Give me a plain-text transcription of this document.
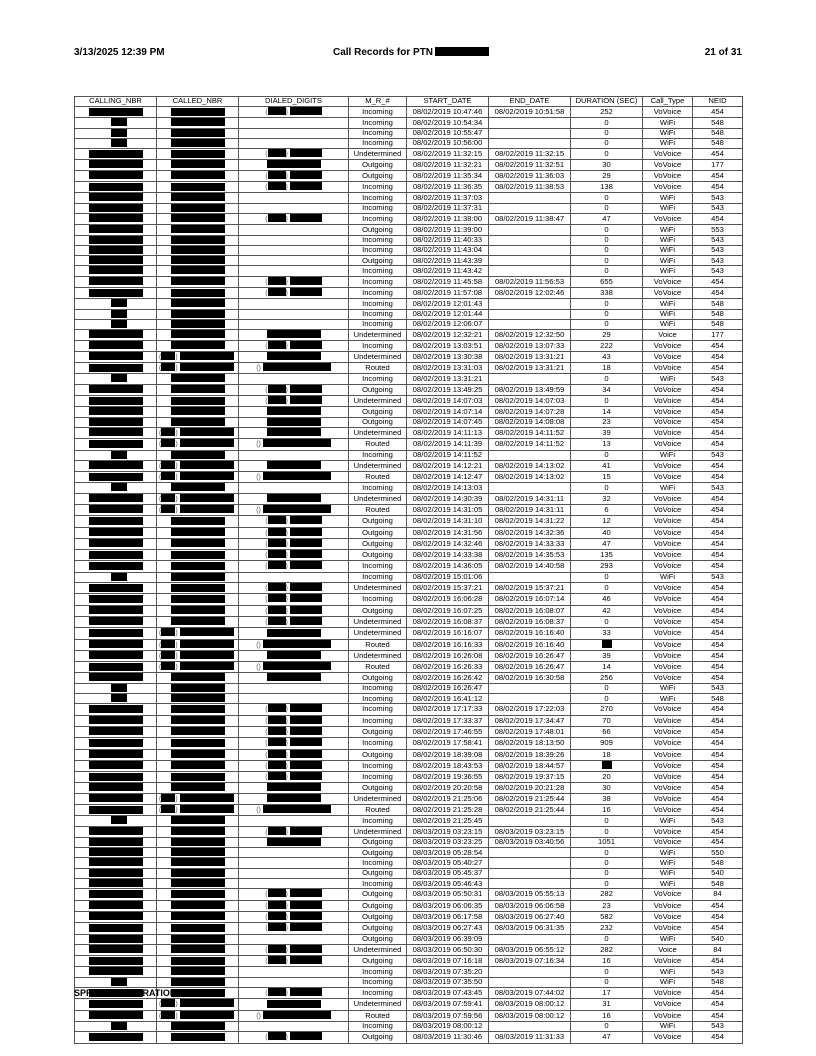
3/13/2025 12:39 PM	Call Records for PTN	21 of 31
CALLING_NBR	CALLED_NBR	DIALED_DIGITS	M_R_#	START_DATE	END_DATE	DURATION (SEC)	Call_Type	NEID
		( )	Incoming	08/02/2019 10:47:46	08/02/2019 10:51:58	252	VoVoice	454
			Incoming	08/02/2019 10:54:34		0	WiFi	548
			Incoming	08/02/2019 10:55:47		0	WiFi	548
			Incoming	08/02/2019 10:56:00		0	WiFi	548
		( )	Undetermined	08/02/2019 11:32:15	08/02/2019 11:32:15	0	VoVoice	454
			Outgoing	08/02/2019 11:32:21	08/02/2019 11:32:51	30	VoVoice	177
		( )	Outgoing	08/02/2019 11:35:34	08/02/2019 11:36:03	29	VoVoice	454
		( )	Incoming	08/02/2019 11:36:35	08/02/2019 11:38:53	138	VoVoice	454
			Incoming	08/02/2019 11:37:03		0	WiFi	543
			Incoming	08/02/2019 11:37:31		0	WiFi	543
		( )	Incoming	08/02/2019 11:38:00	08/02/2019 11:38:47	47	VoVoice	454
			Outgoing	08/02/2019 11:39:00		0	WiFi	553
			Incoming	08/02/2019 11:40:33		0	WiFi	543
			Incoming	08/02/2019 11:43:04		0	WiFi	543
			Outgoing	08/02/2019 11:43:39		0	WiFi	543
			Incoming	08/02/2019 11:43:42		0	WiFi	543
		( )	Incoming	08/02/2019 11:45:58	08/02/2019 11:56:53	655	VoVoice	454
		( )	Incoming	08/02/2019 11:57:08	08/02/2019 12:02:46	338	VoVoice	454
			Incoming	08/02/2019 12:01:43		0	WiFi	548
			Incoming	08/02/2019 12:01:44		0	WiFi	548
			Incoming	08/02/2019 12:06:07		0	WiFi	548
			Undetermined	08/02/2019 12:32:21	08/02/2019 12:32:50	29	Voice	177
		( )	Incoming	08/02/2019 13:03:51	08/02/2019 13:07:33	222	VoVoice	454
	( )		Undetermined	08/02/2019 13:30:38	08/02/2019 13:31:21	43	VoVoice	454
	( )	()	Routed	08/02/2019 13:31:03	08/02/2019 13:31:21	18	VoVoice	454
			Incoming	08/02/2019 13:31:21		0	WiFi	543
		( )	Outgoing	08/02/2019 13:49:25	08/02/2019 13:49:59	34	VoVoice	454
		( )	Undetermined	08/02/2019 14:07:03	08/02/2019 14:07:03	0	VoVoice	454
			Outgoing	08/02/2019 14:07:14	08/02/2019 14:07:28	14	VoVoice	454
			Outgoing	08/02/2019 14:07:45	08/02/2019 14:08:08	23	VoVoice	454
	( )		Undetermined	08/02/2019 14:11:13	08/02/2019 14:11:52	39	VoVoice	454
	( )	()	Routed	08/02/2019 14:11:39	08/02/2019 14:11:52	13	VoVoice	454
			Incoming	08/02/2019 14:11:52		0	WiFi	543
	( )		Undetermined	08/02/2019 14:12:21	08/02/2019 14:13:02	41	VoVoice	454
	( )	()	Routed	08/02/2019 14:12:47	08/02/2019 14:13:02	15	VoVoice	454
			Incoming	08/02/2019 14:13:03		0	WiFi	543
	( )		Undetermined	08/02/2019 14:30:39	08/02/2019 14:31:11	32	VoVoice	454
	( )	()	Routed	08/02/2019 14:31:05	08/02/2019 14:31:11	6	VoVoice	454
		( )	Outgoing	08/02/2019 14:31:10	08/02/2019 14:31:22	12	VoVoice	454
		( )	Outgoing	08/02/2019 14:31:56	08/02/2019 14:32:36	40	VoVoice	454
		( )	Outgoing	08/02/2019 14:32:46	08/02/2019 14:33:33	47	VoVoice	454
		( )	Outgoing	08/02/2019 14:33:38	08/02/2019 14:35:53	135	VoVoice	454
		( )	Incoming	08/02/2019 14:36:05	08/02/2019 14:40:58	293	VoVoice	454
			Incoming	08/02/2019 15:01:06		0	WiFi	543
		( )	Undetermined	08/02/2019 15:37:21	08/02/2019 15:37:21	0	VoVoice	454
		( )	Incoming	08/02/2019 16:06:28	08/02/2019 16:07:14	46	VoVoice	454
		( )	Outgoing	08/02/2019 16:07:25	08/02/2019 16:08:07	42	VoVoice	454
		( )	Undetermined	08/02/2019 16:08:37	08/02/2019 16:08:37	0	VoVoice	454
	( )		Undetermined	08/02/2019 16:16:07	08/02/2019 16:16:40	33	VoVoice	454
	( )	()	Routed	08/02/2019 16:16:33	08/02/2019 16:16:40		VoVoice	454
	( )		Undetermined	08/02/2019 16:26:08	08/02/2019 16:26:47	39	VoVoice	454
	( )	()	Routed	08/02/2019 16:26:33	08/02/2019 16:26:47	14	VoVoice	454
			Outgoing	08/02/2019 16:26:42	08/02/2019 16:30:58	256	VoVoice	454
			Incoming	08/02/2019 16:26:47		0	WiFi	543
			Incoming	08/02/2019 16:41:12		0	WiFi	548
		( )	Incoming	08/02/2019 17:17:33	08/02/2019 17:22:03	270	VoVoice	454
		( )	Incoming	08/02/2019 17:33:37	08/02/2019 17:34:47	70	VoVoice	454
		( )	Outgoing	08/02/2019 17:46:55	08/02/2019 17:48:01	66	VoVoice	454
		( )	Incoming	08/02/2019 17:58:41	08/02/2019 18:13:50	909	VoVoice	454
		( )	Outgoing	08/02/2019 18:39:08	08/02/2019 18:39:26	18	VoVoice	454
		( )	Incoming	08/02/2019 18:43:53	08/02/2019 18:44:57		VoVoice	454
		( )	Incoming	08/02/2019 19:36:55	08/02/2019 19:37:15	20	VoVoice	454
			Outgoing	08/02/2019 20:20:58	08/02/2019 20:21:28	30	VoVoice	454
	( )		Undetermined	08/02/2019 21:25:06	08/02/2019 21:25:44	38	VoVoice	454
	( )	()	Routed	08/02/2019 21:25:28	08/02/2019 21:25:44	16	VoVoice	454
			Incoming	08/02/2019 21:25:45		0	WiFi	543
		( )	Undetermined	08/03/2019 03:23:15	08/03/2019 03:23:15	0	VoVoice	454
			Outgoing	08/03/2019 03:23:25	08/03/2019 03:40:56	1051	VoVoice	454
			Outgoing	08/03/2019 05:28:54		0	WiFi	550
			Incoming	08/03/2019 05:40:27		0	WiFi	548
			Outgoing	08/03/2019 05:45:37		0	WiFi	540
			Incoming	08/03/2019 05:46:43		0	WiFi	548
		( )	Outgoing	08/03/2019 05:50:31	08/03/2019 05:55:13	282	VoVoice	84
		( )	Outgoing	08/03/2019 06:06:35	08/03/2019 06:06:58	23	VoVoice	454
		( )	Outgoing	08/03/2019 06:17:58	08/03/2019 06:27:40	582	VoVoice	454
		( )	Outgoing	08/03/2019 06:27:43	08/03/2019 06:31:35	232	VoVoice	454
			Outgoing	08/03/2019 06:39:09		0	WiFi	540
		( )	Undetermined	08/03/2019 06:50:30	08/03/2019 06:55:12	282	Voice	84
		( )	Outgoing	08/03/2019 07:16:18	08/03/2019 07:16:34	16	VoVoice	454
			Incoming	08/03/2019 07:35:20		0	WiFi	543
			Incoming	08/03/2019 07:35:50		0	WiFi	548
		( )	Incoming	08/03/2019 07:43:45	08/03/2019 07:44:02	17	VoVoice	454
	( )		Undetermined	08/03/2019 07:59:41	08/03/2019 08:00:12	31	VoVoice	454
	( )	()	Routed	08/03/2019 07:59:56	08/03/2019 08:00:12	16	VoVoice	454
			Incoming	08/03/2019 08:00:12		0	WiFi	543
		( )	Outgoing	08/03/2019 11:30:46	08/03/2019 11:31:33	47	VoVoice	454
SPRINT CORPORATION
